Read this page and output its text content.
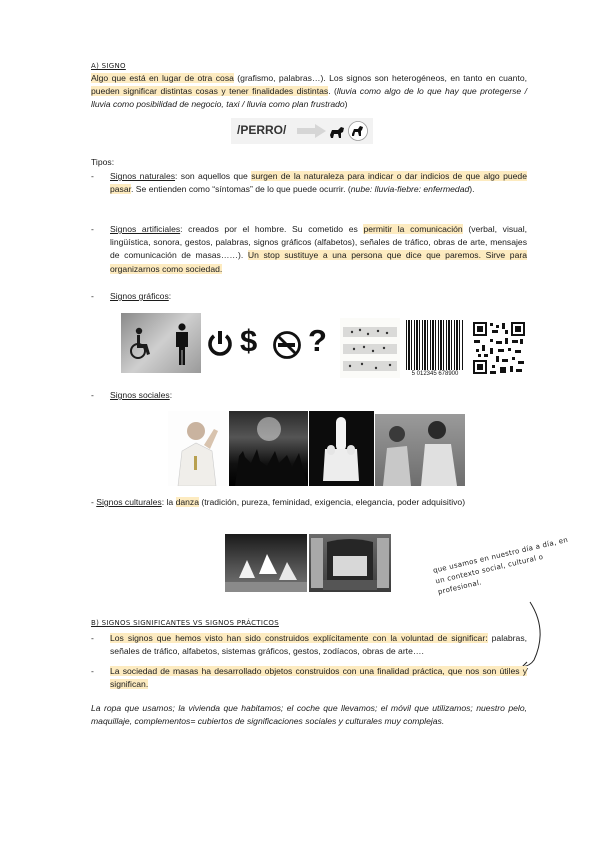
A) SIGNO
Algo que está en lugar de otra cosa (grafismo, palabras…). Los signos son heterogéneos, en tanto en cuanto, pueden significar distintas cosas y tener finalidades distintas. (lluvia como algo de lo que hay que protegerse / lluvia como posibilidad de negocio, taxi / lluvia como plan frustrado)
/PERRO/
Tipos:
-	Signos naturales: son aquellos que surgen de la naturaleza para indicar o dar indicios de que algo puede pasar. Se entienden como “síntomas” de lo que puede ocurrir. (nube: lluvia-fiebre: enfermedad).
-	Signos artificiales: creados por el hombre. Su cometido es permitir la comunicación (verbal, visual, lingüística, sonora, gestos, palabras, signos gráficos (alfabetos), señales de tráfico, obras de arte, mensajes de comunicación de masas……). Un stop sustituye a una persona que dice que paremos. Sirve para organizarnos como sociedad.
-	Signos gráficos:
$ ?
5 012345 678900
-	Signos sociales:
- Signos culturales: la danza (tradición, pureza, feminidad, exigencia, elegancia, poder adquisitivo)
que usamos en nuestro día a día, en un contexto social, cultural o profesional.
B) SIGNOS SIGNIFICANTES VS SIGNOS PRÁCTICOS
-	Los signos que hemos visto han sido construidos explícitamente con la voluntad de significar: palabras, señales de tráfico, alfabetos, sistemas gráficos, gestos, zodíacos, obras de arte….
-	La sociedad de masas ha desarrollado objetos construidos con una finalidad práctica, que nos son útiles y significan.
La ropa que usamos; la vivienda que habitamos; el coche que llevamos; el móvil que utilizamos; nuestro pelo, maquillaje, complementos= cubiertos de significaciones sociales y culturales muy complejas.
